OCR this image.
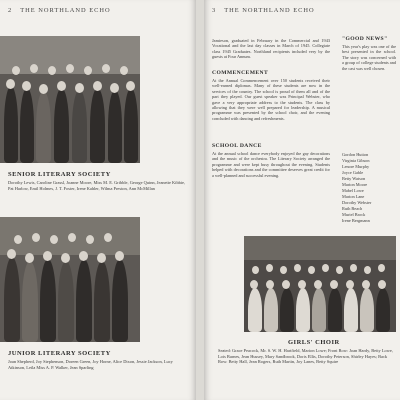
2 THE NORTHLAND ECHO
SENIOR LITERARY SOCIETY
Dorothy Lewis, Caroline Grassl, Joanne Moore, Miss M. E. Gribble, George Quinn, Jeanette Kibbie, Pat Harlow, Emil Holmes, J. T. Foster, Irene Kahler, Wilma Preston, Ann McMillan
JUNIOR LITERARY SOCIETY
Joan Shepherd, Joy Stephenson, Doreen Green, Joy Horne, Alice Dixon, Jessie Jackson, Lucy Atkinson, Leila Miss A. P. Walker, Jean Sparling
3 THE NORTHLAND ECHO
Jamieson, graduated in February in the Commercial and 1943 Vocational and the last day classes in March of 1945. Collegiate class 1945 Graduates. Northland recipients included very by the guests at Four Annum.
COMMENCEMENT
At the Annual Commencement over 150 students received their well-earned diplomas. Many of these students are now in the services of the country. The school is proud of them all and of the part they played. Our guest speaker was Principal Webster, who gave a very appropriate address to the students. The class by allowing that they were well prepared for leadership. A musical programme was presented by the school choir, and the evening concluded with dancing and refreshments.
SCHOOL DANCE
At the annual school dance everybody enjoyed the gay decorations and the music of the orchestra. The Literary Society arranged the programme and were kept busy throughout the evening. Students helped with decorations and the committee deserves great credit for a well-planned and successful evening.
"GOOD NEWS"
This year's play was one of the best presented in the school. The story was concerned with a group of college students and the cast was well chosen.
Gordon Hutton
Virginia Gibson
Lenore Murphy
Joyce Gable
Betty Watson
Marion Moore
Mabel Lowe
Marion Lane
Dorothy Webster
Ruth Beach
Muriel Brock
Irene Bergmann
GIRLS' CHOIR
Seated: Grace Peacock, Mr. S. W. H. Hartfield, Marion Lowe; Front Row: Joan Hardy, Betty Lowe, Lois Barnes, Jean Hussey, Mary Sandbrook, Doris Ellis, Dorothy Peterson, Shirley Hayes; Back Row: Betty Hall, Jean Rogers, Ruth Martin, Joy Lanes, Betty Squire
